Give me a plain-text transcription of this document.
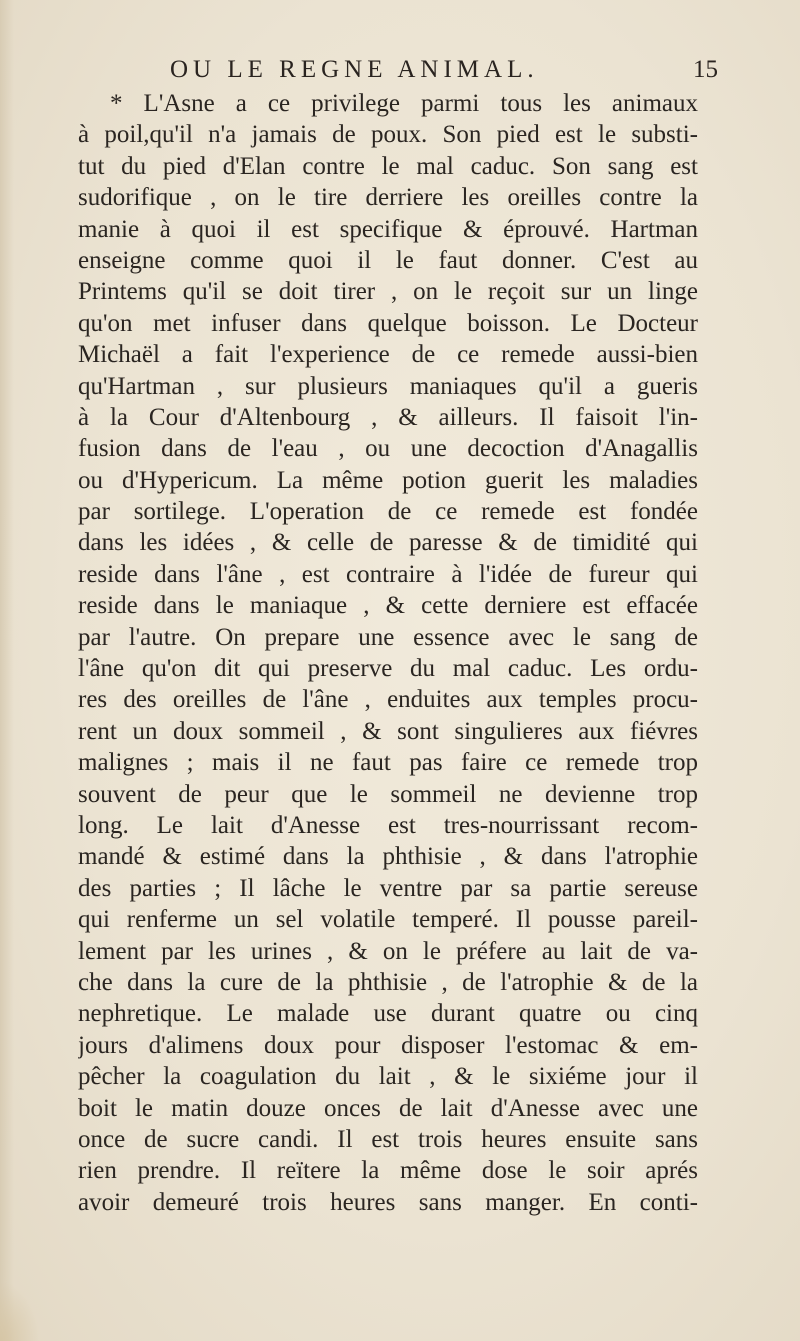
OU LE REGNE ANIMAL.	15
* L'Asne a ce privilege parmi tous les animaux
à poil,qu'il n'a jamais de poux. Son pied est le substi-
tut du pied d'Elan contre le mal caduc. Son sang est
sudorifique , on le tire derriere les oreilles contre la
manie à quoi il est specifique & éprouvé. Hartman
enseigne comme quoi il le faut donner. C'est au
Printems qu'il se doit tirer , on le reçoit sur un linge
qu'on met infuser dans quelque boisson. Le Docteur
Michaël a fait l'experience de ce remede aussi-bien
qu'Hartman , sur plusieurs maniaques qu'il a gueris
à la Cour d'Altenbourg , & ailleurs. Il faisoit l'in-
fusion dans de l'eau , ou une decoction d'Anagallis
ou d'Hypericum. La même potion guerit les maladies
par sortilege. L'operation de ce remede est fondée
dans les idées , & celle de paresse & de timidité qui
reside dans l'âne , est contraire à l'idée de fureur qui
reside dans le maniaque , & cette derniere est effacée
par l'autre. On prepare une essence avec le sang de
l'âne qu'on dit qui preserve du mal caduc. Les ordu-
res des oreilles de l'âne , enduites aux temples procu-
rent un doux sommeil , & sont singulieres aux fiévres
malignes ; mais il ne faut pas faire ce remede trop
souvent de peur que le sommeil ne devienne trop
long. Le lait d'Anesse est tres-nourrissant recom-
mandé & estimé dans la phthisie , & dans l'atrophie
des parties ; Il lâche le ventre par sa partie sereuse
qui renferme un sel volatile temperé. Il pousse pareil-
lement par les urines , & on le préfere au lait de va-
che dans la cure de la phthisie , de l'atrophie & de la
nephretique. Le malade use durant quatre ou cinq
jours d'alimens doux pour disposer l'estomac & em-
pêcher la coagulation du lait , & le sixiéme jour il
boit le matin douze onces de lait d'Anesse avec une
once de sucre candi. Il est trois heures ensuite sans
rien prendre. Il reïtere la même dose le soir aprés
avoir demeuré trois heures sans manger. En conti-
